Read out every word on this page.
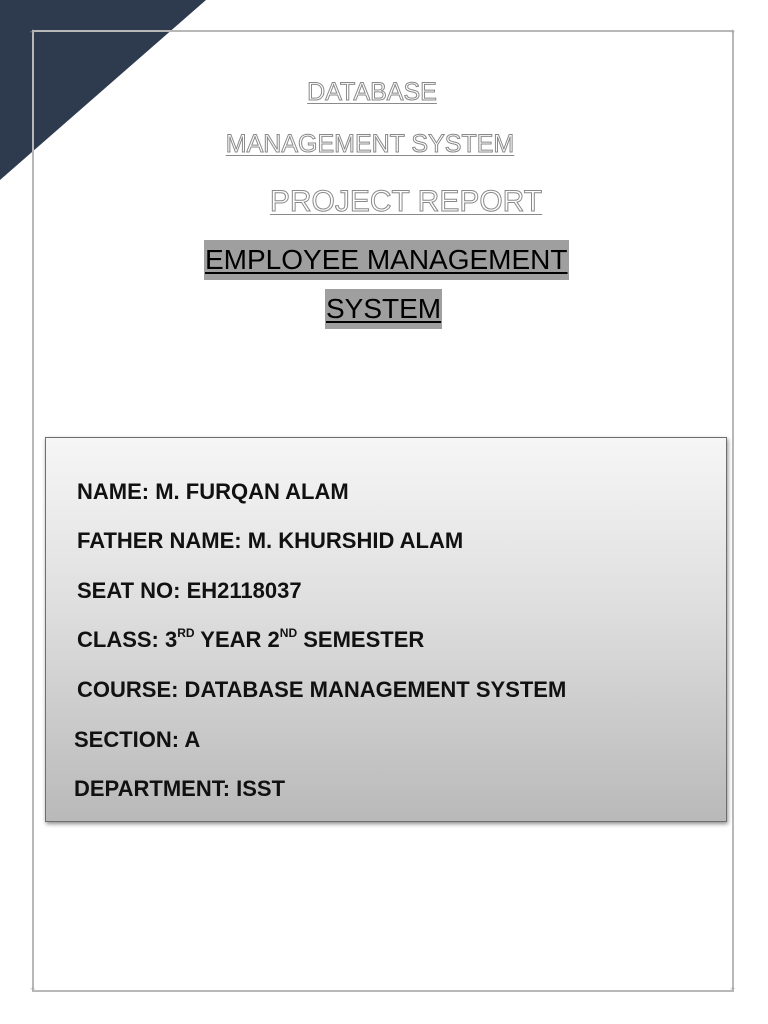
+	+
+	+
DATABASE
MANAGEMENT SYSTEM
PROJECT REPORT
EMPLOYEE MANAGEMENT
SYSTEM
NAME: M. FURQAN ALAM
FATHER NAME: M. KHURSHID ALAM
SEAT NO: EH2118037
CLASS: 3RD YEAR 2ND SEMESTER
COURSE: DATABASE MANAGEMENT SYSTEM
SECTION: A
DEPARTMENT: ISST
